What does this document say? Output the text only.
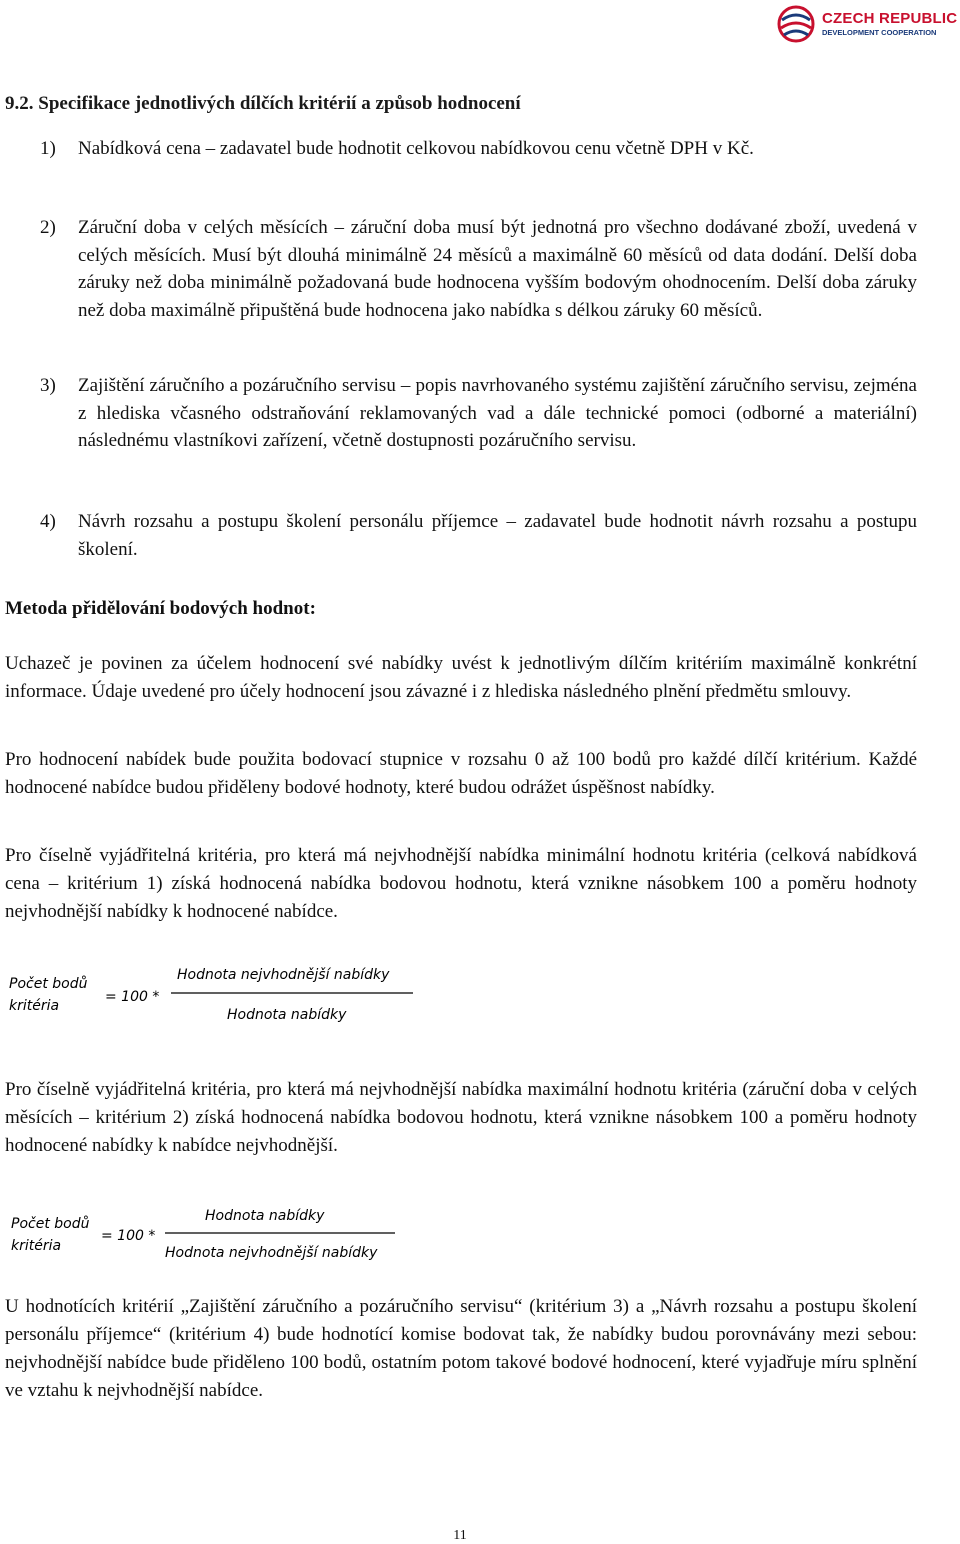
CZECH REPUBLIC
DEVELOPMENT COOPERATION
9.2. Specifikace jednotlivých dílčích kritérií a způsob hodnocení
1) Nabídková cena – zadavatel bude hodnotit celkovou nabídkovou cenu včetně DPH v Kč.
2) Záruční doba v celých měsících – záruční doba musí být jednotná pro všechno dodávané zboží, uvedená v celých měsících. Musí být dlouhá minimálně 24 měsíců a maximálně 60 měsíců od data dodání. Delší doba záruky než doba minimálně požadovaná bude hodnocena vyšším bodovým ohodnocením. Delší doba záruky než doba maximálně připuštěná bude hodnocena jako nabídka s délkou záruky 60 měsíců.
3) Zajištění záručního a pozáručního servisu – popis navrhovaného systému zajištění záručního servisu, zejména z hlediska včasného odstraňování reklamovaných vad a dále technické pomoci (odborné a materiální) následnému vlastníkovi zařízení, včetně dostupnosti pozáručního servisu.
4) Návrh rozsahu a postupu školení personálu příjemce – zadavatel bude hodnotit návrh rozsahu a postupu školení.
Metoda přidělování bodových hodnot:
Uchazeč je povinen za účelem hodnocení své nabídky uvést k jednotlivým dílčím kritériím maximálně konkrétní informace. Údaje uvedené pro účely hodnocení jsou závazné i z hlediska následného plnění předmětu smlouvy.
Pro hodnocení nabídek bude použita bodovací stupnice v rozsahu 0 až 100 bodů pro každé dílčí kritérium. Každé hodnocené nabídce budou přiděleny bodové hodnoty, které budou odrážet úspěšnost nabídky.
Pro číselně vyjádřitelná kritéria, pro která má nejvhodnější nabídka minimální hodnotu kritéria (celková nabídková cena – kritérium 1) získá hodnocená nabídka bodovou hodnotu, která vznikne násobkem 100 a poměru hodnoty nejvhodnější nabídky k hodnocené nabídce.
Počet bodů
kritéria
= 100 *
Hodnota nejvhodnější nabídky
Hodnota nabídky
Pro číselně vyjádřitelná kritéria, pro která má nejvhodnější nabídka maximální hodnotu kritéria (záruční doba v celých měsících – kritérium 2) získá hodnocená nabídka bodovou hodnotu, která vznikne násobkem 100 a poměru hodnoty hodnocené nabídky k nabídce nejvhodnější.
Počet bodů
kritéria
= 100 *
Hodnota nabídky
Hodnota nejvhodnější nabídky
U hodnotících kritérií „Zajištění záručního a pozáručního servisu“ (kritérium 3) a „Návrh rozsahu a postupu školení personálu příjemce“ (kritérium 4) bude hodnotící komise bodovat tak, že nabídky budou porovnávány mezi sebou: nejvhodnější nabídce bude přiděleno 100 bodů, ostatním potom takové bodové hodnocení, které vyjadřuje míru splnění ve vztahu k nejvhodnější nabídce.
11
